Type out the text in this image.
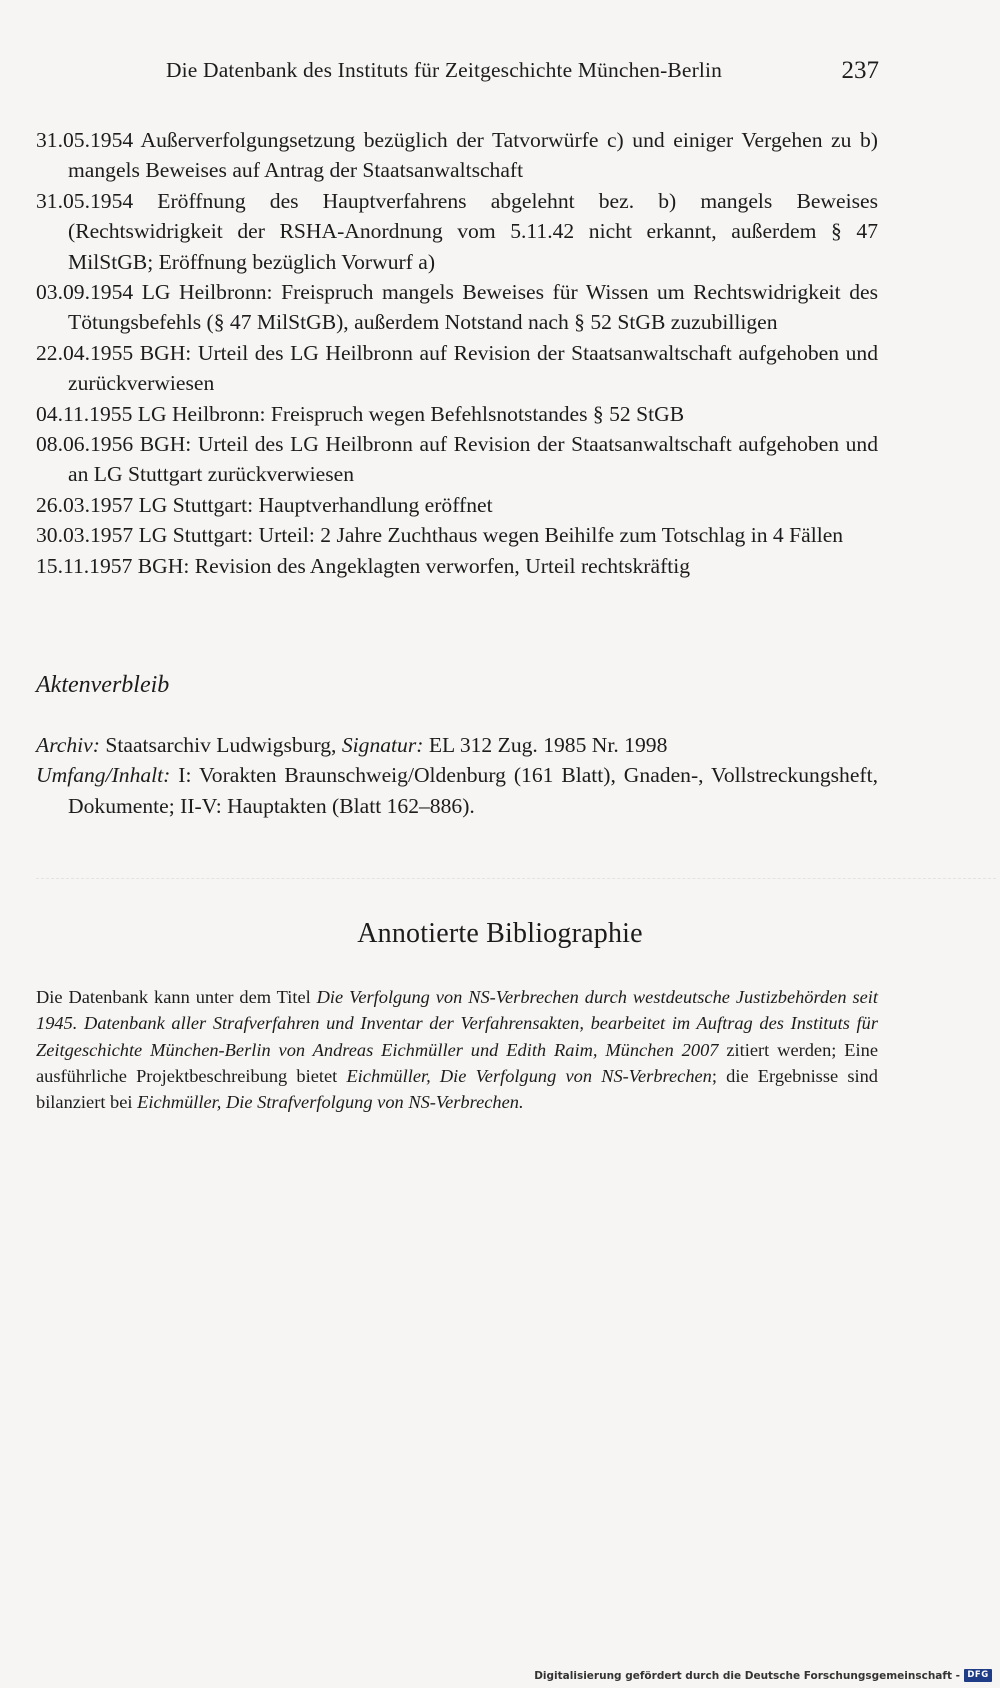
Die Datenbank des Instituts für Zeitgeschichte München-Berlin	237
31.05.1954 Außerverfolgungsetzung bezüglich der Tatvorwürfe c) und einiger Vergehen zu b) mangels Beweises auf Antrag der Staatsanwaltschaft
31.05.1954 Eröffnung des Hauptverfahrens abgelehnt bez. b) mangels Beweises (Rechtswidrigkeit der RSHA-Anordnung vom 5.11.42 nicht erkannt, außerdem § 47 MilStGB; Eröffnung bezüglich Vorwurf a)
03.09.1954 LG Heilbronn: Freispruch mangels Beweises für Wissen um Rechtswidrigkeit des Tötungsbefehls (§ 47 MilStGB), außerdem Notstand nach § 52 StGB zuzubilligen
22.04.1955 BGH: Urteil des LG Heilbronn auf Revision der Staatsanwaltschaft aufgehoben und zurückverwiesen
04.11.1955 LG Heilbronn: Freispruch wegen Befehlsnotstandes § 52 StGB
08.06.1956 BGH: Urteil des LG Heilbronn auf Revision der Staatsanwaltschaft aufgehoben und an LG Stuttgart zurückverwiesen
26.03.1957 LG Stuttgart: Hauptverhandlung eröffnet
30.03.1957 LG Stuttgart: Urteil: 2 Jahre Zuchthaus wegen Beihilfe zum Totschlag in 4 Fällen
15.11.1957 BGH: Revision des Angeklagten verworfen, Urteil rechtskräftig
Aktenverbleib
Archiv: Staatsarchiv Ludwigsburg, Signatur: EL 312 Zug. 1985 Nr. 1998
Umfang/Inhalt: I: Vorakten Braunschweig/Oldenburg (161 Blatt), Gnaden-, Vollstreckungsheft, Dokumente; II-V: Hauptakten (Blatt 162–886).
Annotierte Bibliographie
Die Datenbank kann unter dem Titel Die Verfolgung von NS-Verbrechen durch westdeutsche Justizbehörden seit 1945. Datenbank aller Strafverfahren und Inventar der Verfahrensakten, bearbeitet im Auftrag des Instituts für Zeitgeschichte München-Berlin von Andreas Eichmüller und Edith Raim, München 2007 zitiert werden; Eine ausführliche Projektbeschreibung bietet Eichmüller, Die Verfolgung von NS-Verbrechen; die Ergebnisse sind bilanziert bei Eichmüller, Die Strafverfolgung von NS-Verbrechen.
Digitalisierung gefördert durch die Deutsche Forschungsgemeinschaft - DFG
